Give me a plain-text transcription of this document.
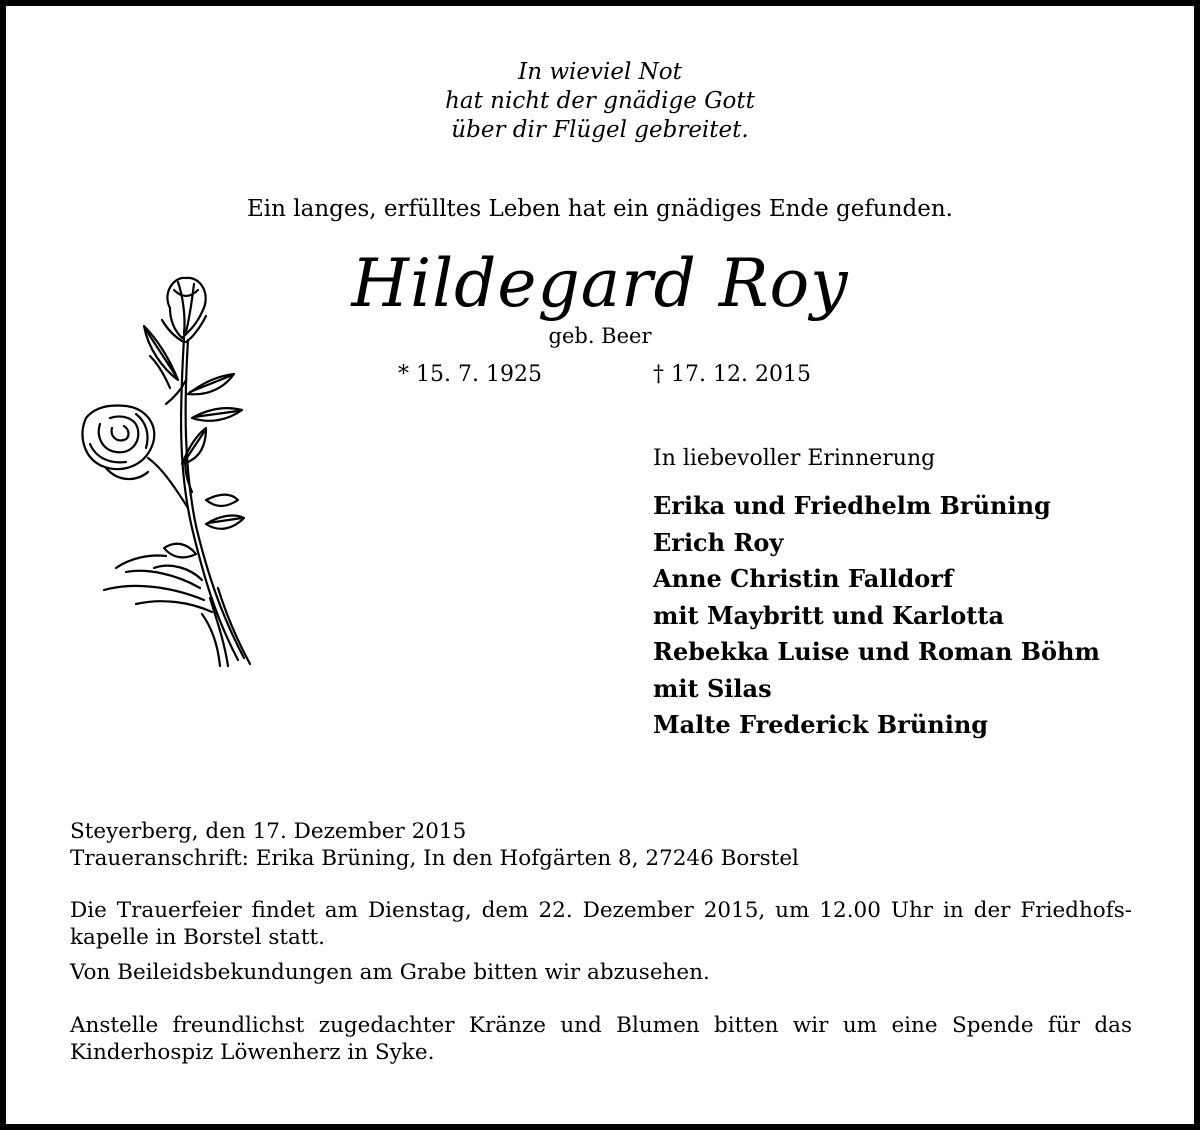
In wieviel Not
hat nicht der gnädige Gott
über dir Flügel gebreitet.
Ein langes, erfülltes Leben hat ein gnädiges Ende gefunden.
Hildegard Roy
geb. Beer
* 15. 7. 1925	† 17. 12. 2015
In liebevoller Erinnerung
Erika und Friedhelm Brüning
Erich Roy
Anne Christin Falldorf
mit Maybritt und Karlotta
Rebekka Luise und Roman Böhm
mit Silas
Malte Frederick Brüning

Steyerberg, den 17. Dezember 2015

Traueranschrift: Erika Brüning, In den Hofgärten 8, 27246 Borstel

Die Trauerfeier findet am Dienstag, dem 22. Dezember 2015, um 12.00 Uhr in der Friedhofs-kapelle in Borstel statt.

Von Beileidsbekundungen am Grabe bitten wir abzusehen.

Anstelle freundlichst zugedachter Kränze und Blumen bitten wir um eine Spende für das Kinderhospiz Löwenherz in Syke.
